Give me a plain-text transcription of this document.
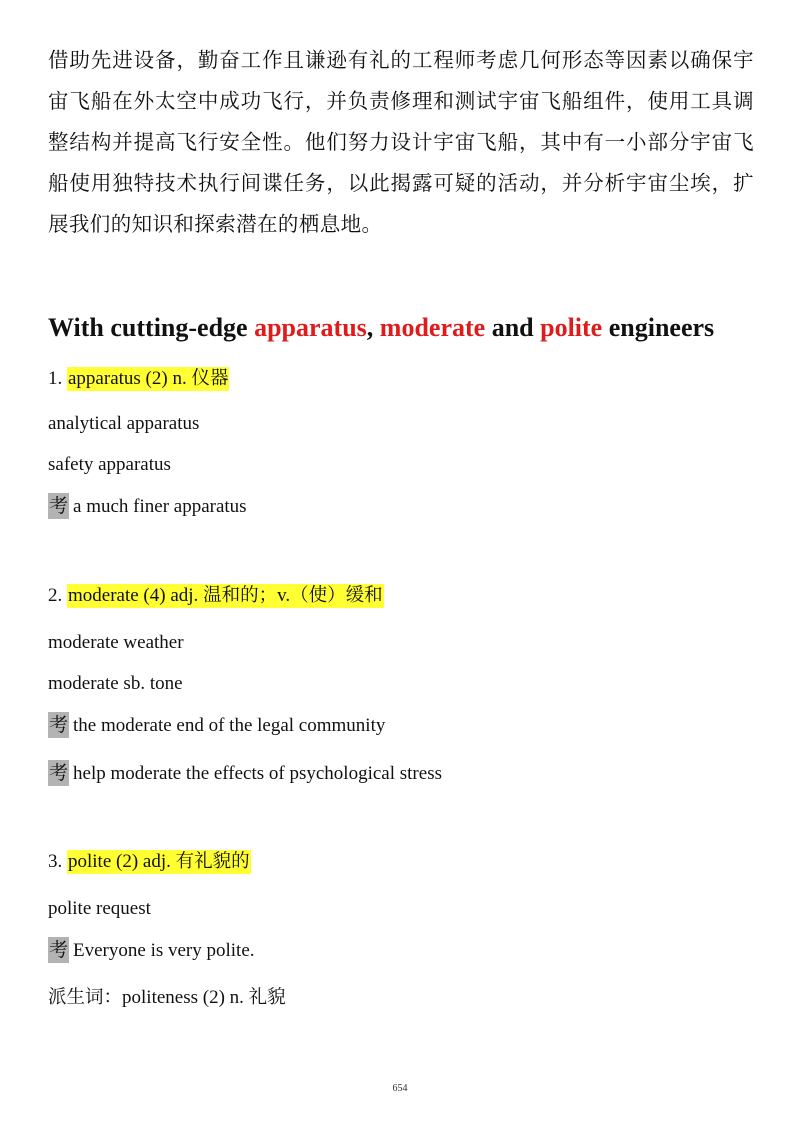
借助先进设备，勤奋工作且谦逊有礼的工程师考虑几何形态等因素以确保宇宙飞船在外太空中成功飞行，并负责修理和测试宇宙飞船组件，使用工具调整结构并提高飞行安全性。他们努力设计宇宙飞船，其中有一小部分宇宙飞船使用独特技术执行间谍任务，以此揭露可疑的活动，并分析宇宙尘埃，扩展我们的知识和探索潜在的栖息地。

With cutting-edge apparatus, moderate and polite engineers

1. apparatus (2) n. 仪器

analytical apparatus

safety apparatus

考 a much finer apparatus

2. moderate (4) adj. 温和的；v.（使）缓和

moderate weather

moderate sb. tone

考 the moderate end of the legal community

考 help moderate the effects of psychological stress

3. polite (2) adj. 有礼貌的

polite request

考 Everyone is very polite.

派生词：politeness (2) n. 礼貌

654
